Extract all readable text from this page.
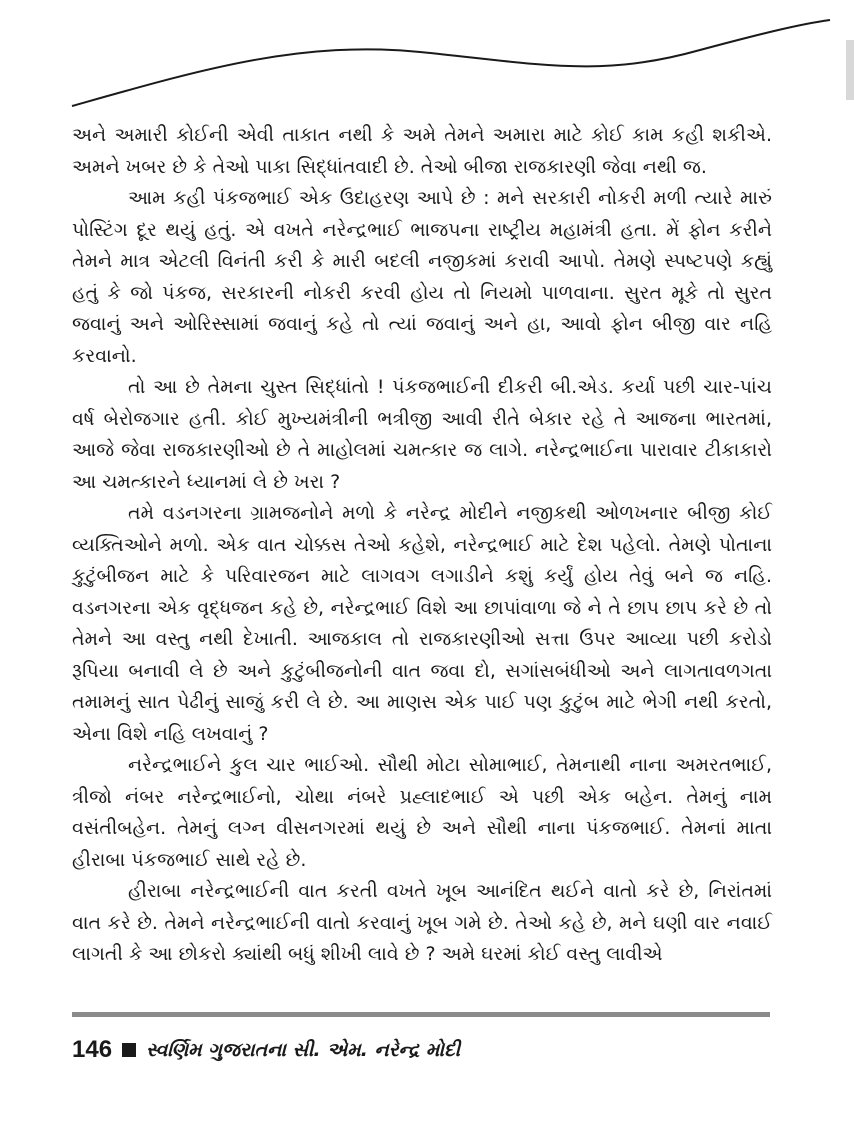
અને અમારી કોઈની એવી તાકાત નથી કે અમે તેમને અમારા માટે કોઈ કામ કહી શકીએ. અમને ખબર છે કે તેઓ પાકા સિદ્ધાંતવાદી છે. તેઓ બીજા રાજકારણી જેવા નથી જ.

આમ કહી પંકજભાઈ એક ઉદાહરણ આપે છે : મને સરકારી નોકરી મળી ત્યારે મારું પોસ્ટિંગ દૂર થયું હતું. એ વખતે નરેન્દ્રભાઈ ભાજપના રાષ્ટ્રીય મહામંત્રી હતા. મેં ફોન કરીને તેમને માત્ર એટલી વિનંતી કરી કે મારી બદલી નજીકમાં કરાવી આપો. તેમણે સ્પષ્ટપણે કહ્યું હતું કે જો પંકજ, સરકારની નોકરી કરવી હોય તો નિયમો પાળવાના. સુરત મૂકે તો સુરત જવાનું અને ઓરિસ્સામાં જવાનું કહે તો ત્યાં જવાનું અને હા, આવો ફોન બીજી વાર નહિ કરવાનો.

તો આ છે તેમના ચુસ્ત સિદ્ધાંતો ! પંકજભાઈની દીકરી બી.એડ. કર્યા પછી ચાર-પાંચ વર્ષ બેરોજગાર હતી. કોઈ મુખ્યમંત્રીની ભત્રીજી આવી રીતે બેકાર રહે તે આજના ભારતમાં, આજે જેવા રાજકારણીઓ છે તે માહોલમાં ચમત્કાર જ લાગે. નરેન્દ્રભાઈના પારાવાર ટીકાકારો આ ચમત્કારને ધ્યાનમાં લે છે ખરા ?

તમે વડનગરના ગ્રામજનોને મળો કે નરેન્દ્ર મોદીને નજીકથી ઓળખનાર બીજી કોઈ વ્યક્તિઓને મળો. એક વાત ચોક્કસ તેઓ કહેશે, નરેન્દ્રભાઈ માટે દેશ પહેલો. તેમણે પોતાના કુટુંબીજન માટે કે પરિવારજન માટે લાગવગ લગાડીને કશું કર્યું હોય તેવું બને જ નહિ. વડનગરના એક વૃદ્ધજન કહે છે, નરેન્દ્રભાઈ વિશે આ છાપાંવાળા જે ને તે છાપ છાપ કરે છે તો તેમને આ વસ્તુ નથી દેખાતી. આજકાલ તો રાજકારણીઓ સત્તા ઉપર આવ્યા પછી કરોડો રૂપિયા બનાવી લે છે અને કુટુંબીજનોની વાત જવા દો, સગાંસબંધીઓ અને લાગતાવળગતા તમામનું સાત પેઢીનું સાજું કરી લે છે. આ માણસ એક પાઈ પણ કુટુંબ માટે ભેગી નથી કરતો, એના વિશે નહિ લખવાનું ?

નરેન્દ્રભાઈને કુલ ચાર ભાઈઓ. સૌથી મોટા સોમાભાઈ, તેમનાથી નાના અમરતભાઈ, ત્રીજો નંબર નરેન્દ્રભાઈનો, ચોથા નંબરે પ્રહ્લાદભાઈ એ પછી એક બહેન. તેમનું નામ વસંતીબહેન. તેમનું લગ્ન વીસનગરમાં થયું છે અને સૌથી નાના પંકજભાઈ. તેમનાં માતા હીરાબા પંકજભાઈ સાથે રહે છે.

હીરાબા નરેન્દ્રભાઈની વાત કરતી વખતે ખૂબ આનંદિત થઈને વાતો કરે છે, નિરાંતમાં વાત કરે છે. તેમને નરેન્દ્રભાઈની વાતો કરવાનું ખૂબ ગમે છે. તેઓ કહે છે, મને ઘણી વાર નવાઈ લાગતી કે આ છોકરો ક્યાંથી બધું શીખી લાવે છે ? અમે ઘરમાં કોઈ વસ્તુ લાવીએ

146 સ્વર્ણિમ ગુજરાતના સી. એમ. નરેન્દ્ર મોદી
